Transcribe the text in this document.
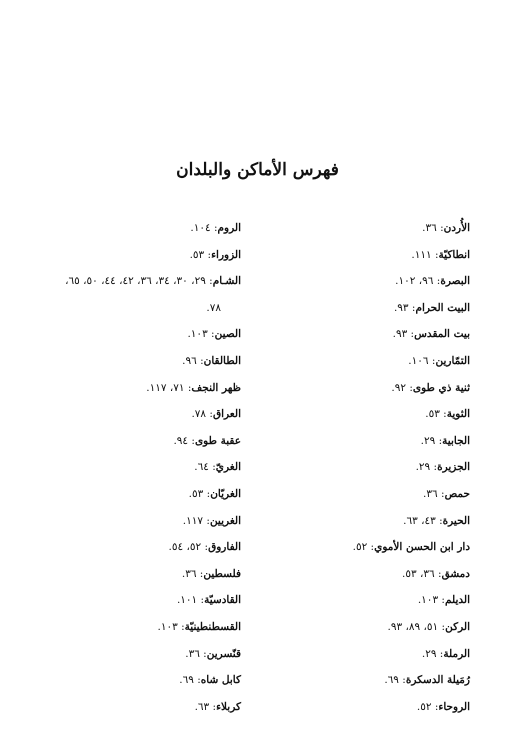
فهرس الأماكن والبلدان
الأُردن: ٣٦.
انطاكيّة: ١١١.
البصرة: ٩٦، ١٠٢.
البيت الحرام: ٩٣.
بيت المقدس: ٩٣.
التمّارين: ١٠٦.
ثنية ذي طوى: ٩٢.
الثوية: ٥٣.
الجابية: ٢٩.
الجزيرة: ٢٩.
حمص: ٣٦.
الحيرة: ٤٣، ٦٣.
دار ابن الحسن الأموي: ٥٢.
دمشق: ٣٦، ٥٣.
الديلم: ١٠٣.
الركن: ٥١، ٨٩، ٩٣.
الرملة: ٢٩.
رُمَيلة الدسكرة: ٦٩.
الروحاء: ٥٢.
الروم: ١٠٤.
الزوراء: ٥٣.
الشـام: ٢٩، ٣٠، ٣٤، ٣٦، ٤٢، ٤٤، ٥٠، ٦٥،
٧٨.
الصين: ١٠٣.
الطالقان: ٩٦.
ظهر النجف: ٧١، ١١٧.
العراق: ٧٨.
عقبة طوى: ٩٤.
الغريّ: ٦٤.
الغريّان: ٥٣.
الغريين: ١١٧.
الفاروق: ٥٢، ٥٤.
فلسطين: ٣٦.
القادسيّة: ١٠١.
القسطنطينيّة: ١٠٣.
قنّسرين: ٣٦.
كابل شاه: ٦٩.
كربلاء: ٦٣.
